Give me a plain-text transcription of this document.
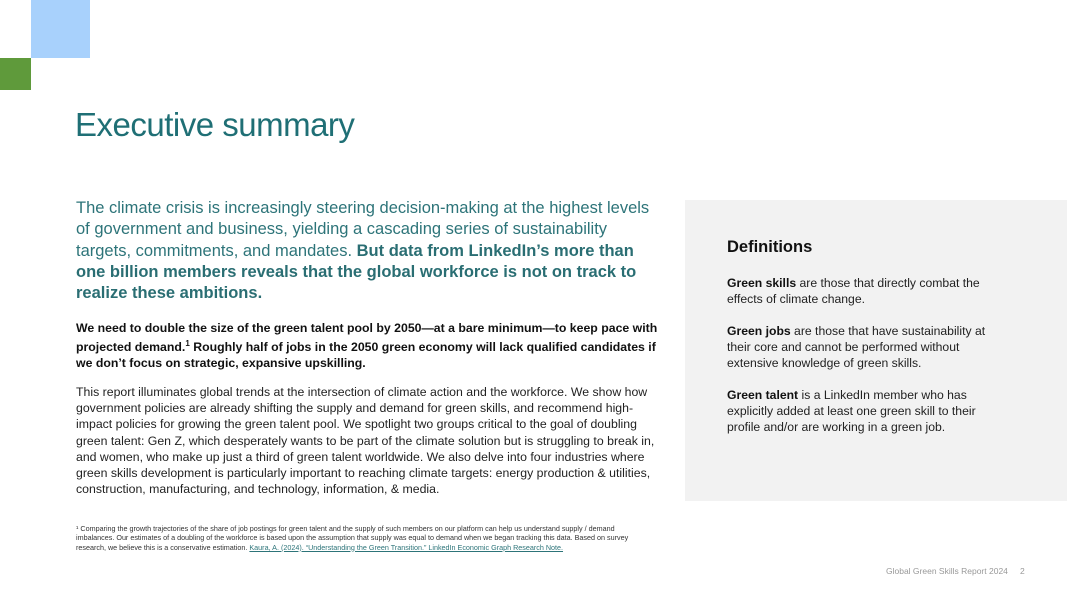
Executive summary

The climate crisis is increasingly steering decision-making at the highest levels of government and business, yielding a cascading series of sustainability targets, commitments, and mandates. But data from LinkedIn’s more than one billion members reveals that the global workforce is not on track to realize these ambitions.

We need to double the size of the green talent pool by 2050—at a bare minimum—to keep pace with projected demand.$^1$ Roughly half of jobs in the 2050 green economy will lack qualified candidates if we don’t focus on strategic, expansive upskilling.

This report illuminates global trends at the intersection of climate action and the workforce. We show how government policies are already shifting the supply and demand for green skills, and recommend high-impact policies for growing the green talent pool. We spotlight two groups critical to the goal of doubling green talent: Gen Z, which desperately wants to be part of the climate solution but is struggling to break in, and women, who make up just a third of green talent worldwide. We also delve into four industries where green skills development is particularly important to reaching climate targets: energy production & utilities, construction, manufacturing, and technology, information, & media.

¹ Comparing the growth trajectories of the share of job postings for green talent and the supply of such members on our platform can help us understand supply / demand imbalances. Our estimates of a doubling of the workforce is based upon the assumption that supply was equal to demand when we began tracking this data. Based on survey research, we believe this is a conservative estimation. Kaura, A. (2024). “Understanding the Green Transition.” LinkedIn Economic Graph Research Note.

Definitions

Green skills are those that directly combat the effects of climate change.

Green jobs are those that have sustainability at their core and cannot be performed without extensive knowledge of green skills.

Green talent is a LinkedIn member who has explicitly added at least one green skill to their profile and/or are working in a green job.

Global Green Skills Report 2024 2
